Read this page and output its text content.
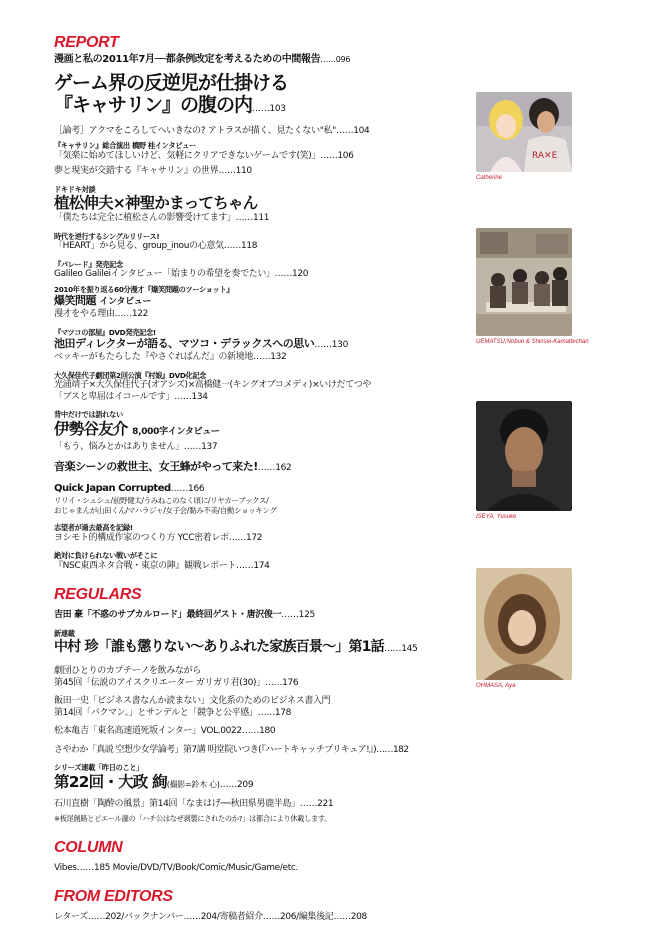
REPORT
漫画と私の2011年7月──都条例改定を考えるための中間報告……096
ゲーム界の反逆児が仕掛ける
『キャサリン』の腹の内……103
［論考］アクマをころしてへいきなの? アトラスが描く、見たくない"私"……104
『キャサリン』総合演出 橋野 桂インタビュー
「気楽に始めてほしいけど、気軽にクリアできないゲームです(笑)」……106
夢と現実が交錯する『キャサリン』の世界……110
ドキドキ対談
植松伸夫×神聖かまってちゃん
「僕たちは完全に植松さんの影響受けてます」……111
時代を逆行するシングルリリース!
「HEART」から見る、group_inouの心意気……118
『パレード』発売記念
Galileo Galileiインタビュー「始まりの希望を奏でたい」……120
2010年を振り返る60分漫才『爆笑問題のツーショット』
爆笑問題 インタビュー
漫才をやる理由……122
『マツコの部屋』DVD発売記念!
池田ディレクターが語る、マツコ・デラックスへの思い……130
ベッキーがもたらした『やさぐればんだ』の新境地……132
大久保佳代子劇団第2回公演『村娘』DVD化記念
光浦靖子×大久保佳代子(オアシズ)×高橋健一(キングオブコメディ)×いけだてつや
「ブスと卑屈はイコールです」……134
背中だけでは語れない
伊勢谷友介 8,000字インタビュー
「もう、悩みとかはありません」……137
音楽シーンの救世主、女王蜂がやって来た!……162
Quick Japan Corrupted……166
リリイ・シュシュ/前野健太/うみねこのなく頃に/リヤカーブックス/
おじゃまんが山田くん/マハラジャ/女子会/黏み不美/自動ショッキング
志望者が過去最高を記録!
ヨシモト的構成作家のつくり方 YCC密着レポ……172
絶対に負けられない戦いがそこに
『NSC東西ネタ合戦・東京の陣』観戦レポート……174
REGULARS
吉田 豪「不惑のサブカルロード」最終回ゲスト・唐沢俊一……125
新連載
中村 珍「誰も懲りない〜ありふれた家族百景〜」第1話……145
劇団ひとりのカプチーノを飲みながら
第45回「伝説のアイスクリエーター ガリガリ君(30)」……176
飯田一史「ビジネス書なんか読まない」文化系のためのビジネス書入門
第14回「バクマン。」とサンデルと「競争と公平感」……178
松本亀吉「東名高速道死坂インター」VOL.0022……180
さやわか「真説 空想少女学論考」第7講 明堂院いつき(『ハートキャッチプリキュア!』)……182
シリーズ連載「昨日のこと」
第22回・大政 絢(撮影=鈴木 心)……209
石川直樹「陶酔の風景」第14回「なまはげ──秋田県男鹿半島」……221
※板尾創路とピエール瀧の「ハチ公はなぜ剥製にされたのか?」は都合により休載します。
COLUMN
Vibes……185 Movie/DVD/TV/Book/Comic/Music/Game/etc.
FROM EDITORS
レターズ……202/バックナンバー……204/寄稿者紹介……206/編集後記……208
RA✕E
Catherine
UEMATSU,Nobuo & Shinsei-Kamattechan
ISEYA, Yusuke
OHMASA, Aya
